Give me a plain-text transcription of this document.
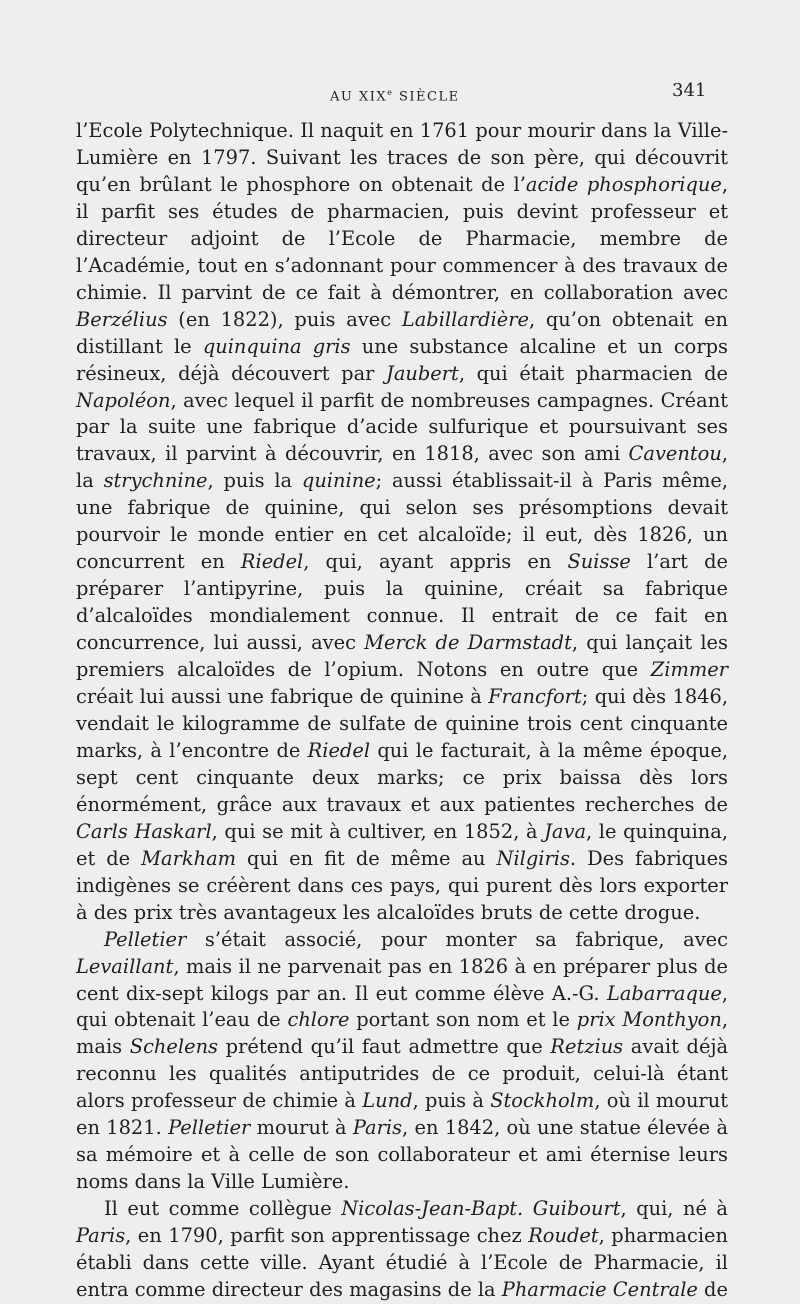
AU XIXe SIÈCLE	341

l’Ecole Polytechnique. Il naquit en 1761 pour mourir dans la Ville-Lumière en 1797. Suivant les traces de son père, qui découvrit qu’en brûlant le phosphore on obtenait de l’acide phosphorique, il parfit ses études de pharmacien, puis devint professeur et directeur adjoint de l’Ecole de Pharmacie, membre de l’Académie, tout en s’adonnant pour commencer à des travaux de chimie. Il parvint de ce fait à démontrer, en collaboration avec Berzélius (en 1822), puis avec Labillardière, qu’on obtenait en distillant le quinquina gris une substance alcaline et un corps résineux, déjà découvert par Jaubert, qui était pharmacien de Napoléon, avec lequel il parfit de nombreuses campagnes. Créant par la suite une fabrique d’acide sulfurique et poursuivant ses travaux, il parvint à découvrir, en 1818, avec son ami Caventou, la strychnine, puis la quinine; aussi établissait-il à Paris même, une fabrique de quinine, qui selon ses présomptions devait pourvoir le monde entier en cet alcaloïde; il eut, dès 1826, un concurrent en Riedel, qui, ayant appris en Suisse l’art de préparer l’antipyrine, puis la quinine, créait sa fabrique d’alcaloïdes mondialement connue. Il entrait de ce fait en concurrence, lui aussi, avec Merck de Darmstadt, qui lançait les premiers alcaloïdes de l’opium. Notons en outre que Zimmer créait lui aussi une fabrique de quinine à Francfort; qui dès 1846, vendait le kilogramme de sulfate de quinine trois cent cinquante marks, à l’encontre de Riedel qui le facturait, à la même époque, sept cent cinquante deux marks; ce prix baissa dès lors énormément, grâce aux travaux et aux patientes recherches de Carls Haskarl, qui se mit à cultiver, en 1852, à Java, le quinquina, et de Markham qui en fit de même au Nilgiris. Des fabriques indigènes se créèrent dans ces pays, qui purent dès lors exporter à des prix très avantageux les alcaloïdes bruts de cette drogue.

Pelletier s’était associé, pour monter sa fabrique, avec Levaillant, mais il ne parvenait pas en 1826 à en préparer plus de cent dix-sept kilogs par an. Il eut comme élève A.-G. Labarraque, qui obtenait l’eau de chlore portant son nom et le prix Monthyon, mais Schelens prétend qu’il faut admettre que Retzius avait déjà reconnu les qualités antiputrides de ce produit, celui-là étant alors professeur de chimie à Lund, puis à Stockholm, où il mourut en 1821. Pelletier mourut à Paris, en 1842, où une statue élevée à sa mémoire et à celle de son collaborateur et ami éternise leurs noms dans la Ville Lumière.

Il eut comme collègue Nicolas-Jean-Bapt. Guibourt, qui, né à Paris, en 1790, parfit son apprentissage chez Roudet, pharmacien établi dans cette ville. Ayant étudié à l’Ecole de Pharmacie, il entra comme directeur des magasins de la Pharmacie Centrale de
